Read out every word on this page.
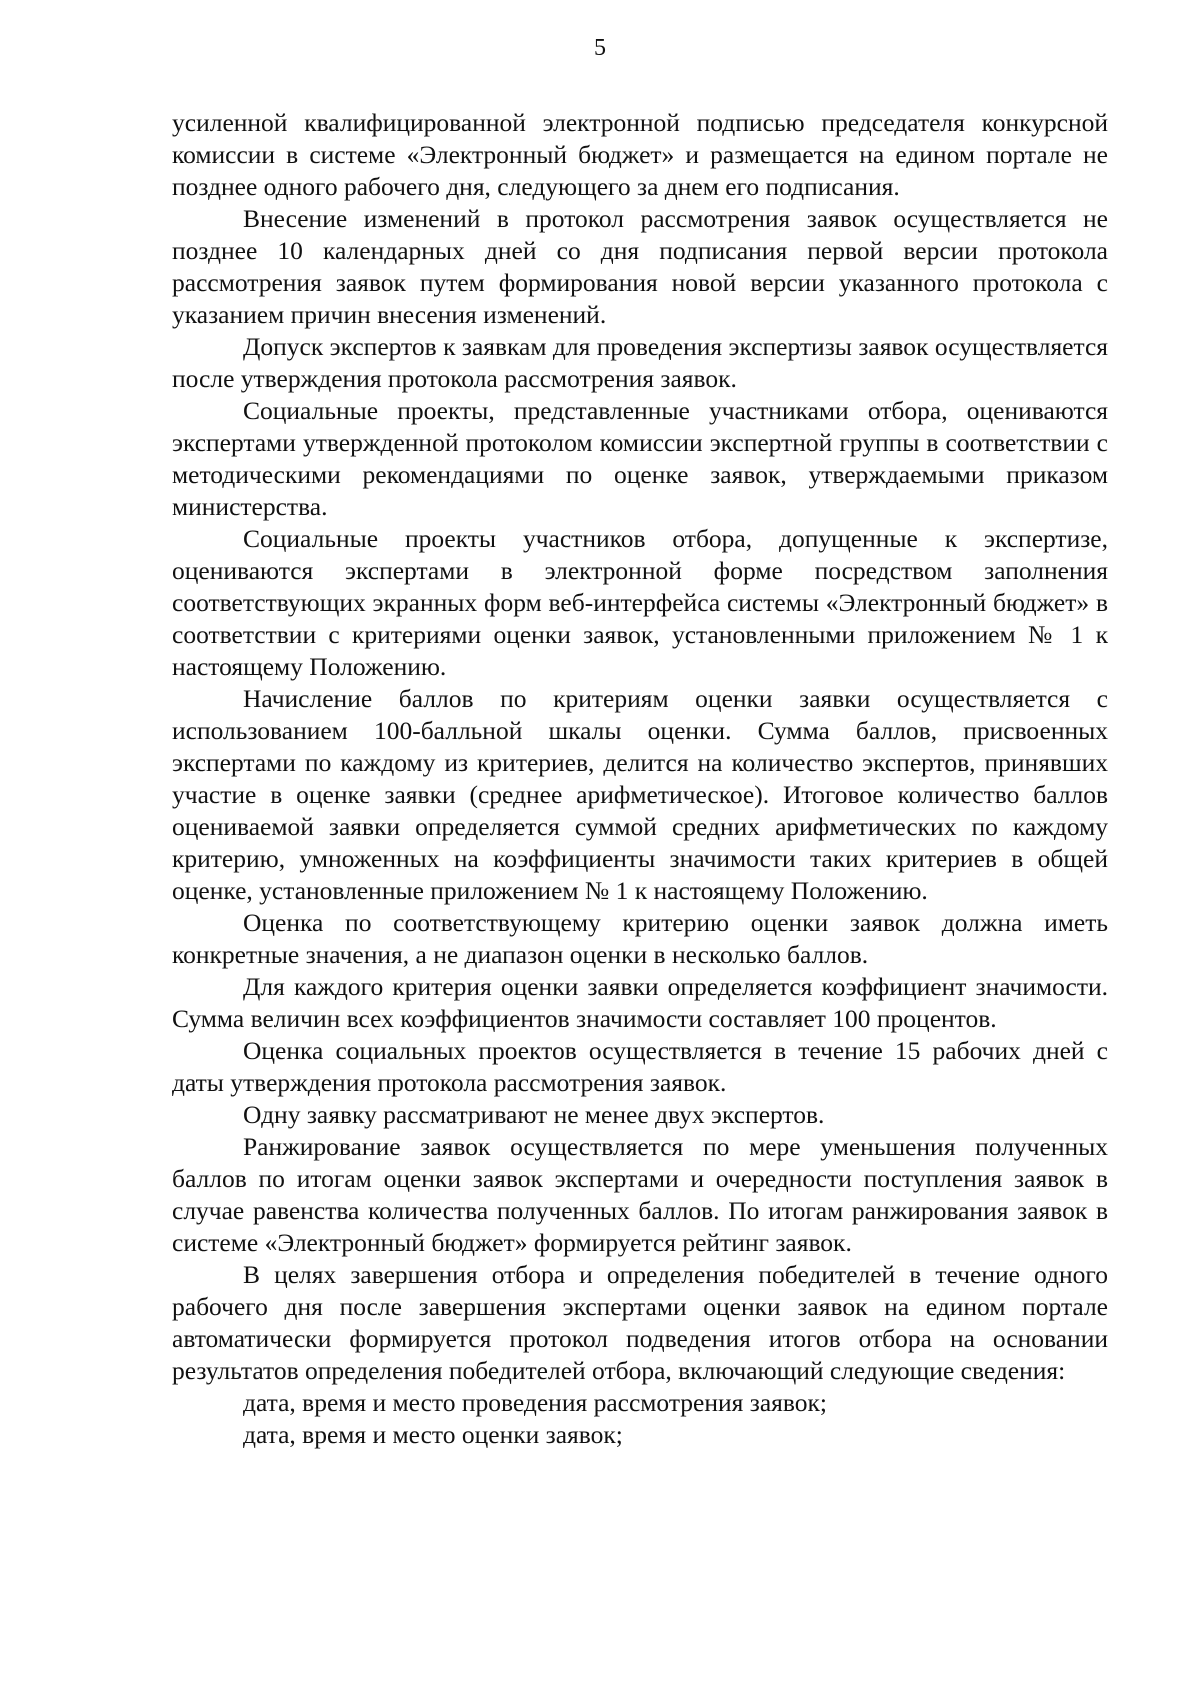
5

усиленной квалифицированной электронной подписью председателя конкурсной комиссии в системе «Электронный бюджет» и размещается на едином портале не позднее одного рабочего дня, следующего за днем его подписания.

Внесение изменений в протокол рассмотрения заявок осуществляется не позднее 10 календарных дней со дня подписания первой версии протокола рассмотрения заявок путем формирования новой версии указанного протокола с указанием причин внесения изменений.

Допуск экспертов к заявкам для проведения экспертизы заявок осуществляется после утверждения протокола рассмотрения заявок.

Социальные проекты, представленные участниками отбора, оцениваются экспертами утвержденной протоколом комиссии экспертной группы в соответствии с методическими рекомендациями по оценке заявок, утверждаемыми приказом министерства.

Социальные проекты участников отбора, допущенные к экспертизе, оцениваются экспертами в электронной форме посредством заполнения соответствующих экранных форм веб-интерфейса системы «Электронный бюджет» в соответствии с критериями оценки заявок, установленными приложением № 1 к настоящему Положению.

Начисление баллов по критериям оценки заявки осуществляется с использованием 100-балльной шкалы оценки. Сумма баллов, присвоенных экспертами по каждому из критериев, делится на количество экспертов, принявших участие в оценке заявки (среднее арифметическое). Итоговое количество баллов оцениваемой заявки определяется суммой средних арифметических по каждому критерию, умноженных на коэффициенты значимости таких критериев в общей оценке, установленные приложением № 1 к настоящему Положению.

Оценка по соответствующему критерию оценки заявок должна иметь конкретные значения, а не диапазон оценки в несколько баллов.

Для каждого критерия оценки заявки определяется коэффициент значимости. Сумма величин всех коэффициентов значимости составляет 100 процентов.

Оценка социальных проектов осуществляется в течение 15 рабочих дней с даты утверждения протокола рассмотрения заявок.

Одну заявку рассматривают не менее двух экспертов.

Ранжирование заявок осуществляется по мере уменьшения полученных баллов по итогам оценки заявок экспертами и очередности поступления заявок в случае равенства количества полученных баллов. По итогам ранжирования заявок в системе «Электронный бюджет» формируется рейтинг заявок.

В целях завершения отбора и определения победителей в течение одного рабочего дня после завершения экспертами оценки заявок на едином портале автоматически формируется протокол подведения итогов отбора на основании результатов определения победителей отбора, включающий следующие сведения:

дата, время и место проведения рассмотрения заявок;

дата, время и место оценки заявок;
